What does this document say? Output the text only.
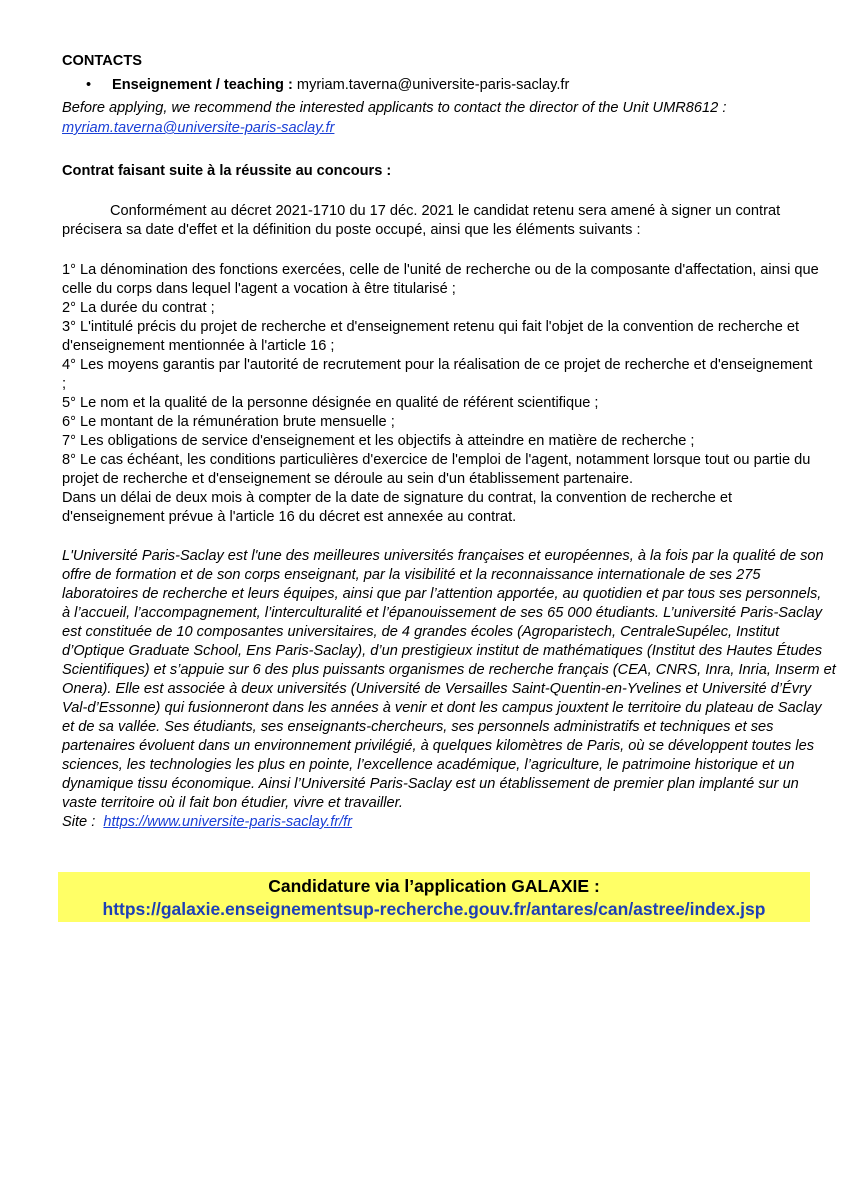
CONTACTS
• Enseignement / teaching : myriam.taverna@universite-paris-saclay.fr
Before applying, we recommend the interested applicants to contact the director of the Unit UMR8612 :
myriam.taverna@universite-paris-saclay.fr
Contrat faisant suite à la réussite au concours :
Conformément au décret 2021-1710 du 17 déc. 2021 le candidat retenu sera amené à signer un contrat
précisera sa date d'effet et la définition du poste occupé, ainsi que les éléments suivants :
1° La dénomination des fonctions exercées, celle de l'unité de recherche ou de la composante d'affectation, ainsi que
celle du corps dans lequel l'agent a vocation à être titularisé ;
2° La durée du contrat ;
3° L'intitulé précis du projet de recherche et d'enseignement retenu qui fait l'objet de la convention de recherche et
d'enseignement mentionnée à l'article 16 ;
4° Les moyens garantis par l'autorité de recrutement pour la réalisation de ce projet de recherche et d'enseignement
;
5° Le nom et la qualité de la personne désignée en qualité de référent scientifique ;
6° Le montant de la rémunération brute mensuelle ;
7° Les obligations de service d'enseignement et les objectifs à atteindre en matière de recherche ;
8° Le cas échéant, les conditions particulières d'exercice de l'emploi de l'agent, notamment lorsque tout ou partie du
projet de recherche et d'enseignement se déroule au sein d'un établissement partenaire.
Dans un délai de deux mois à compter de la date de signature du contrat, la convention de recherche et
d'enseignement prévue à l'article 16 du décret est annexée au contrat.
L'Université Paris-Saclay est l'une des meilleures universités françaises et européennes, à la fois par la qualité de son
offre de formation et de son corps enseignant, par la visibilité et la reconnaissance internationale de ses 275
laboratoires de recherche et leurs équipes, ainsi que par l’attention apportée, au quotidien et par tous ses personnels,
à l’accueil, l’accompagnement, l’interculturalité et l’épanouissement de ses 65 000 étudiants. L’université Paris-Saclay
est constituée de 10 composantes universitaires, de 4 grandes écoles (Agroparistech, CentraleSupélec, Institut
d’Optique Graduate School, Ens Paris-Saclay), d’un prestigieux institut de mathématiques (Institut des Hautes Études
Scientifiques) et s’appuie sur 6 des plus puissants organismes de recherche français (CEA, CNRS, Inra, Inria, Inserm et
Onera). Elle est associée à deux universités (Université de Versailles Saint-Quentin-en-Yvelines et Université d’Évry
Val-d’Essonne) qui fusionneront dans les années à venir et dont les campus jouxtent le territoire du plateau de Saclay
et de sa vallée. Ses étudiants, ses enseignants-chercheurs, ses personnels administratifs et techniques et ses
partenaires évoluent dans un environnement privilégié, à quelques kilomètres de Paris, où se développent toutes les
sciences, les technologies les plus en pointe, l’excellence académique, l’agriculture, le patrimoine historique et un
dynamique tissu économique. Ainsi l’Université Paris-Saclay est un établissement de premier plan implanté sur un
vaste territoire où il fait bon étudier, vivre et travailler.
Site : https://www.universite-paris-saclay.fr/fr
Candidature via l’application GALAXIE :
https://galaxie.enseignementsup-recherche.gouv.fr/antares/can/astree/index.jsp
